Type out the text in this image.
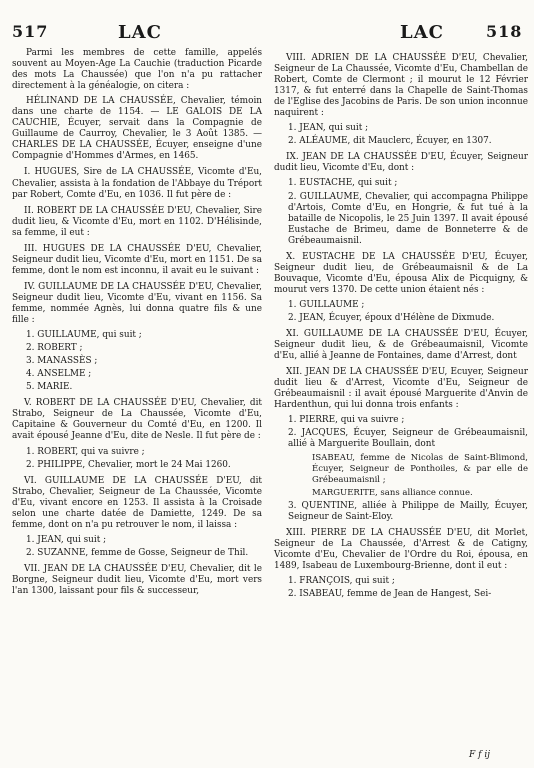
517	LAC	LAC	518

Parmi les membres de cette famille, appelés souvent au Moyen-Age La Cauchie (traduction Picarde des mots La Chaussée) que l'on n'a pu rattacher directement à la généalogie, on citera :

HÉLINAND DE LA CHAUSSÉE, Chevalier, témoin dans une charte de 1154. — LE GALOIS DE LA CAUCHIE, Écuyer, servait dans la Compagnie de Guillaume de Caurroy, Chevalier, le 3 Août 1385. — CHARLES DE LA CHAUSSÉE, Écuyer, enseigne d'une Compagnie d'Hommes d'Armes, en 1465.

I. HUGUES, Sire de LA CHAUSSÉE, Vicomte d'Eu, Chevalier, assista à la fondation de l'Abbaye du Tréport par Robert, Comte d'Eu, en 1036. Il fut père de :

II. ROBERT DE LA CHAUSSÉE D'EU, Chevalier, Sire dudit lieu, & Vicomte d'Eu, mort en 1102. D'Hélisinde, sa femme, il eut :

III. HUGUES DE LA CHAUSSÉE D'EU, Chevalier, Seigneur dudit lieu, Vicomte d'Eu, mort en 1151. De sa femme, dont le nom est inconnu, il avait eu le suivant :

IV. GUILLAUME DE LA CHAUSSÉE D'EU, Chevalier, Seigneur dudit lieu, Vicomte d'Eu, vivant en 1156. Sa femme, nommée Agnès, lui donna quatre fils & une fille :

1. GUILLAUME, qui suit ;
2. ROBERT ;
3. MANASSÈS ;
4. ANSELME ;
5. MARIE.

V. ROBERT DE LA CHAUSSÉE D'EU, Chevalier, dit Strabo, Seigneur de La Chaussée, Vicomte d'Eu, Capitaine & Gouverneur du Comté d'Eu, en 1200. Il avait épousé Jeanne d'Eu, dite de Nesle. Il fut père de :

1. ROBERT, qui va suivre ;
2. PHILIPPE, Chevalier, mort le 24 Mai 1260.

VI. GUILLAUME DE LA CHAUSSÉE D'EU, dit Strabo, Chevalier, Seigneur de La Chaussée, Vicomte d'Eu, vivant encore en 1253. Il assista à la Croisade selon une charte datée de Damiette, 1249. De sa femme, dont on n'a pu retrouver le nom, il laissa :

1. JEAN, qui suit ;
2. SUZANNE, femme de Gosse, Seigneur de Thil.

VII. JEAN DE LA CHAUSSÉE D'EU, Chevalier, dit le Borgne, Seigneur dudit lieu, Vicomte d'Eu, mort vers l'an 1300, laissant pour fils & successeur,

VIII. ADRIEN DE LA CHAUSSÉE D'EU, Chevalier, Seigneur de La Chaussée, Vicomte d'Eu, Chambellan de Robert, Comte de Clermont ; il mourut le 12 Février 1317, & fut enterré dans la Chapelle de Saint-Thomas de l'Eglise des Jacobins de Paris. De son union inconnue naquirent :

1. JEAN, qui suit ;
2. ALÉAUME, dit Mauclerc, Écuyer, en 1307.

IX. JEAN DE LA CHAUSSÉE D'EU, Écuyer, Seigneur dudit lieu, Vicomte d'Eu, dont :

1. EUSTACHE, qui suit ;
2. GUILLAUME, Chevalier, qui accompagna Philippe d'Artois, Comte d'Eu, en Hongrie, & fut tué à la bataille de Nicopolis, le 25 Juin 1397. Il avait épousé Eustache de Brimeu, dame de Bonneterre & de Grébeaumaisnil.

X. EUSTACHE DE LA CHAUSSÉE D'EU, Écuyer, Seigneur dudit lieu, de Grébeaumaisnil & de La Bouvaque, Vicomte d'Eu, épousa Alix de Picquigny, & mourut vers 1370. De cette union étaient nés :

1. GUILLAUME ;
2. JEAN, Écuyer, époux d'Hélène de Dixmude.

XI. GUILLAUME DE LA CHAUSSÉE D'EU, Écuyer, Seigneur dudit lieu, & de Grébeaumaisnil, Vicomte d'Eu, allié à Jeanne de Fontaines, dame d'Arrest, dont

XII. JEAN DE LA CHAUSSÉE D'EU, Ecuyer, Seigneur dudit lieu & d'Arrest, Vicomte d'Eu, Seigneur de Grébeaumaisnil : il avait épousé Marguerite d'Anvin de Hardenthun, qui lui donna trois enfants :

1. PIERRE, qui va suivre ;
2. JACQUES, Écuyer, Seigneur de Grébeaumaisnil, allié à Marguerite Boullain, dont
ISABEAU, femme de Nicolas de Saint-Blimond, Écuyer, Seigneur de Ponthoiles, & par elle de Grébeaumaisnil ;
MARGUERITE, sans alliance connue.
3. QUENTINE, alliée à Philippe de Mailly, Écuyer, Seigneur de Saint-Eloy.

XIII. PIERRE DE LA CHAUSSÉE D'EU, dit Morlet, Seigneur de La Chaussée, d'Arrest & de Catigny, Vicomte d'Eu, Chevalier de l'Ordre du Roi, épousa, en 1489, Isabeau de Luxembourg-Brienne, dont il eut :

1. FRANÇOIS, qui suit ;
2. ISABEAU, femme de Jean de Hangest, Sei-
F f ij
